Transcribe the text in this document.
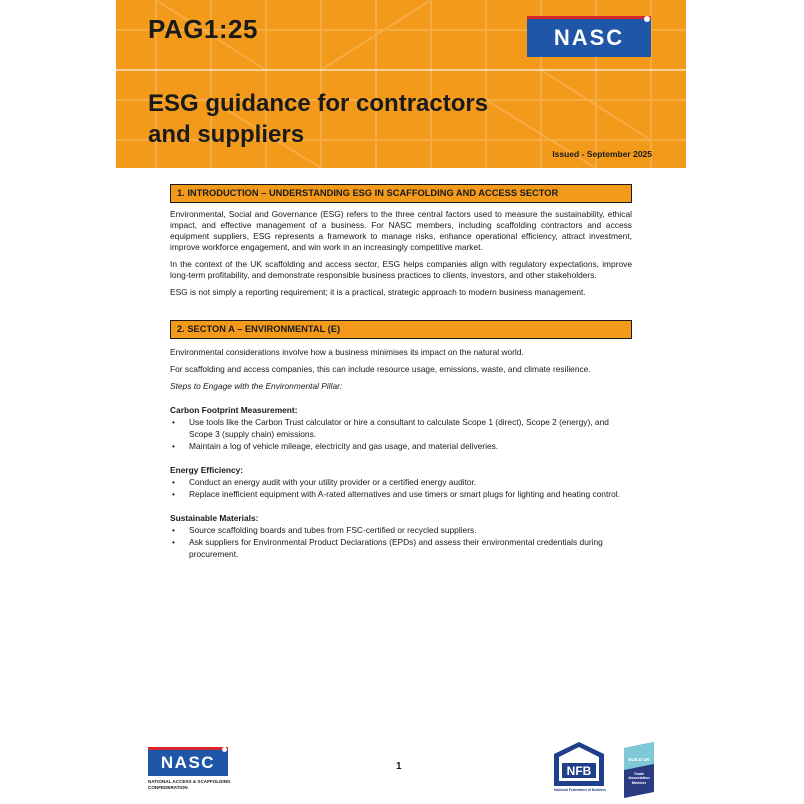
PAG1:25	NASC
ESG guidance for contractors
and suppliers
Issued - September 2025
1. INTRODUCTION – UNDERSTANDING ESG IN SCAFFOLDING AND ACCESS SECTOR

Environmental, Social and Governance (ESG) refers to the three central factors used to measure the sustainability, ethical impact, and effective management of a business. For NASC members, including scaffolding contractors and access equipment suppliers, ESG represents a framework to manage risks, enhance operational efficiency, attract investment, improve workforce engagement, and win work in an increasingly competitive market.

In the context of the UK scaffolding and access sector, ESG helps companies align with regulatory expectations, improve long-term profitability, and demonstrate responsible business practices to clients, investors, and other stakeholders.

ESG is not simply a reporting requirement; it is a practical, strategic approach to modern business management.

2. SECTON A – ENVIRONMENTAL (E)

Environmental considerations involve how a business minimises its impact on the natural world.

For scaffolding and access companies, this can include resource usage, emissions, waste, and climate resilience.

Steps to Engage with the Environmental Pillar:

Carbon Footprint Measurement:
• Use tools like the Carbon Trust calculator or hire a consultant to calculate Scope 1 (direct), Scope 2 (energy), and Scope 3 (supply chain) emissions.
• Maintain a log of vehicle mileage, electricity and gas usage, and material deliveries.
Energy Efficiency:
• Conduct an energy audit with your utility provider or a certified energy auditor.
• Replace inefficient equipment with A-rated alternatives and use timers or smart plugs for lighting and heating control.
Sustainable Materials:
• Source scaffolding boards and tubes from FSC-certified or recycled suppliers.
• Ask suppliers for Environmental Product Declarations (EPDs) and assess their environmental credentials during procurement.
NASC
NATIONAL ACCESS & SCAFFOLDING CONFEDERATION
1	NFB
National Federation of Builders
BUILD UK
Trade Association Member
